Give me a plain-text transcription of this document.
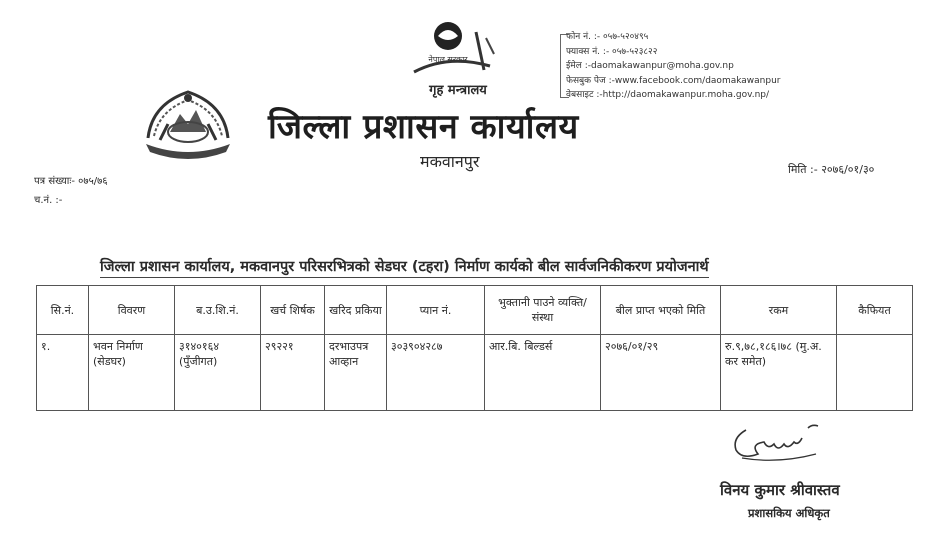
नेपाल सरकार
गृह मन्त्रालय
जिल्ला प्रशासन कार्यालय
मकवानपुर
फोन नं. :- ०५७-५२०४९५
फ्याक्स नं. :- ०५७-५२३८२२
ईमेल :-daomakawanpur@moha.gov.np
फेसबुक पेज :-www.facebook.com/daomakawanpur
वेबसाइट :-http://daomakawanpur.moha.gov.np/
पत्र संख्याः- ०७५/७६
च.नं. :-
मिति :- २०७६/०१/३०
जिल्ला प्रशासन कार्यालय, मकवानपुर परिसरभित्रको सेडघर (टहरा) निर्माण कार्यको बील सार्वजनिकीकरण प्रयोजनार्थ
सि.नं.	विवरण	ब.उ.शि.नं.	खर्च शिर्षक	खरिद प्रकिया	प्यान नं.	भुक्तानी पाउने व्यक्ति/संस्था	बील प्राप्त भएको मिति	रकम	कैफियत
१.	भवन निर्माण (सेडघर)	३१४०१६४ (पुँजीगत)	२९२२१	दरभाउपत्र आव्हान	३०३९०४२८७	आर.बि. बिल्डर्स	२०७६/०१/२९	रु.९,७८,१८६।७८ (मु.अ. कर समेत)	
विनय कुमार श्रीवास्तव
प्रशासकिय अधिकृत
